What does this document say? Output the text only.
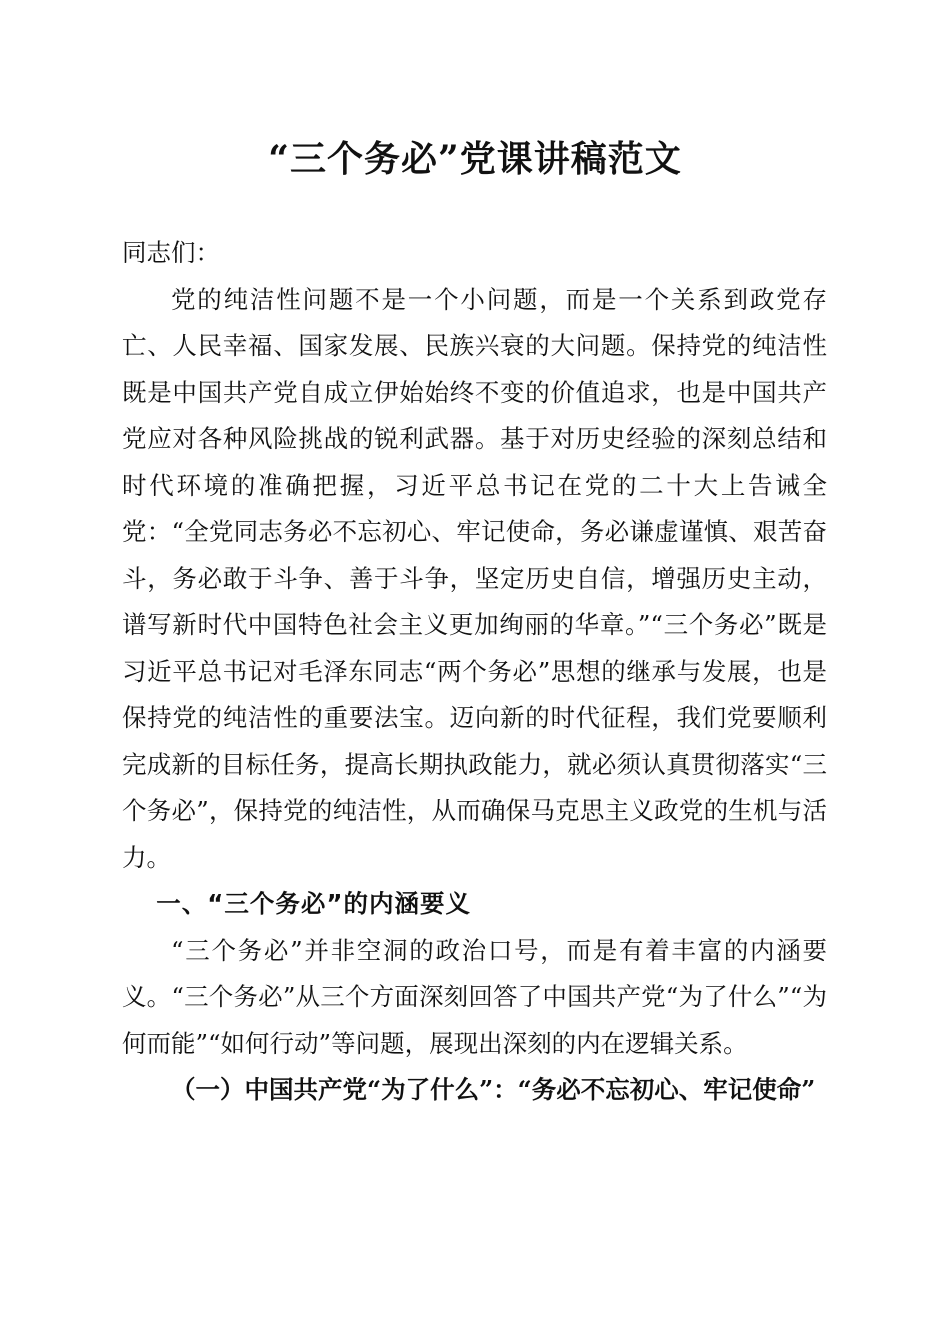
“三个务必”党课讲稿范文

同志们：

党的纯洁性问题不是一个小问题，而是一个关系到政党存亡、人民幸福、国家发展、民族兴衰的大问题。保持党的纯洁性既是中国共产党自成立伊始始终不变的价值追求，也是中国共产党应对各种风险挑战的锐利武器。基于对历史经验的深刻总结和时代环境的准确把握，习近平总书记在党的二十大上告诫全党：“全党同志务必不忘初心、牢记使命，务必谦虚谨慎、艰苦奋斗，务必敢于斗争、善于斗争，坚定历史自信，增强历史主动，谱写新时代中国特色社会主义更加绚丽的华章。”“三个务必”既是习近平总书记对毛泽东同志“两个务必”思想的继承与发展，也是保持党的纯洁性的重要法宝。迈向新的时代征程，我们党要顺利完成新的目标任务，提高长期执政能力，就必须认真贯彻落实“三个务必”，保持党的纯洁性，从而确保马克思主义政党的生机与活力。

一、“三个务必”的内涵要义

“三个务必”并非空洞的政治口号，而是有着丰富的内涵要义。“三个务必”从三个方面深刻回答了中国共产党“为了什么”“为何而能”“如何行动”等问题，展现出深刻的内在逻辑关系。

（一）中国共产党“为了什么”：“务必不忘初心、牢记使命”
